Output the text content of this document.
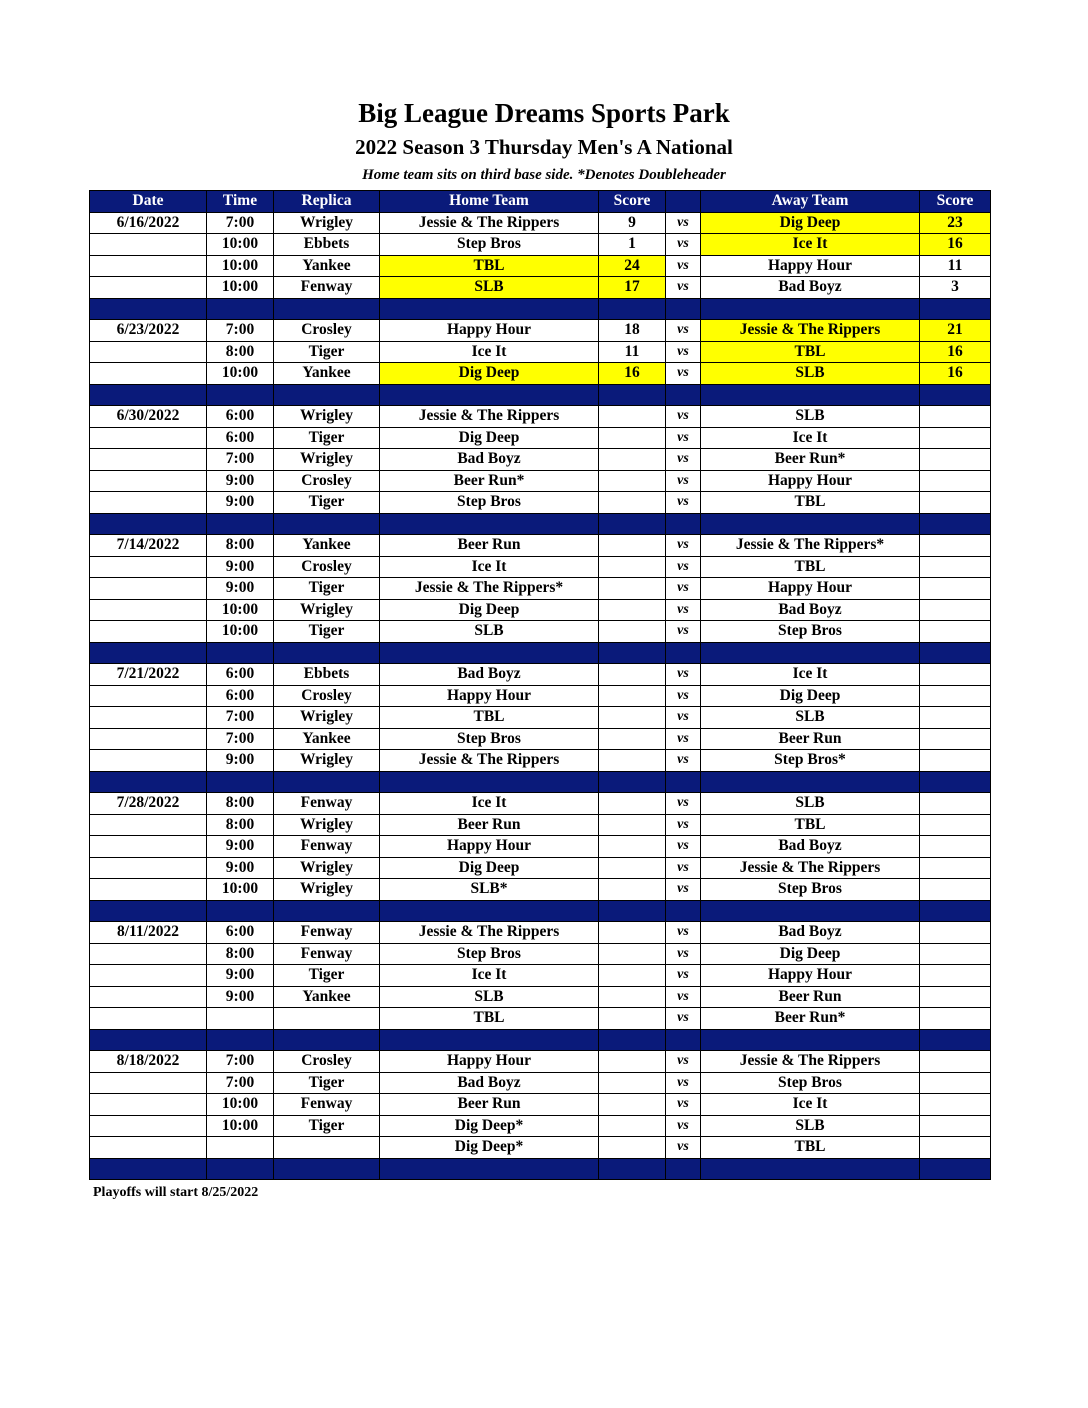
Big League Dreams Sports Park
2022 Season 3 Thursday Men's A National
Home team sits on third base side. *Denotes Doubleheader
Date	Time	Replica	Home Team	Score		Away Team	Score
6/16/2022	7:00	Wrigley	Jessie & The Rippers	9	vs	Dig Deep	23
	10:00	Ebbets	Step Bros	1	vs	Ice It	16
	10:00	Yankee	TBL	24	vs	Happy Hour	11
	10:00	Fenway	SLB	17	vs	Bad Boyz	3

6/23/2022	7:00	Crosley	Happy Hour	18	vs	Jessie & The Rippers	21
	8:00	Tiger	Ice It	11	vs	TBL	16
	10:00	Yankee	Dig Deep	16	vs	SLB	16

6/30/2022	6:00	Wrigley	Jessie & The Rippers		vs	SLB	
	6:00	Tiger	Dig Deep		vs	Ice It	
	7:00	Wrigley	Bad Boyz		vs	Beer Run*	
	9:00	Crosley	Beer Run*		vs	Happy Hour	
	9:00	Tiger	Step Bros		vs	TBL	

7/14/2022	8:00	Yankee	Beer Run		vs	Jessie & The Rippers*	
	9:00	Crosley	Ice It		vs	TBL	
	9:00	Tiger	Jessie & The Rippers*		vs	Happy Hour	
	10:00	Wrigley	Dig Deep		vs	Bad Boyz	
	10:00	Tiger	SLB		vs	Step Bros	

7/21/2022	6:00	Ebbets	Bad Boyz		vs	Ice It	
	6:00	Crosley	Happy Hour		vs	Dig Deep	
	7:00	Wrigley	TBL		vs	SLB	
	7:00	Yankee	Step Bros		vs	Beer Run	
	9:00	Wrigley	Jessie & The Rippers		vs	Step Bros*	

7/28/2022	8:00	Fenway	Ice It		vs	SLB	
	8:00	Wrigley	Beer Run		vs	TBL	
	9:00	Fenway	Happy Hour		vs	Bad Boyz	
	9:00	Wrigley	Dig Deep		vs	Jessie & The Rippers	
	10:00	Wrigley	SLB*		vs	Step Bros	

8/11/2022	6:00	Fenway	Jessie & The Rippers		vs	Bad Boyz	
	8:00	Fenway	Step Bros		vs	Dig Deep	
	9:00	Tiger	Ice It		vs	Happy Hour	
	9:00	Yankee	SLB		vs	Beer Run	
			TBL		vs	Beer Run*	

8/18/2022	7:00	Crosley	Happy Hour		vs	Jessie & The Rippers	
	7:00	Tiger	Bad Boyz		vs	Step Bros	
	10:00	Fenway	Beer Run		vs	Ice It	
	10:00	Tiger	Dig Deep*		vs	SLB	
			Dig Deep*		vs	TBL	

Playoffs will start 8/25/2022
